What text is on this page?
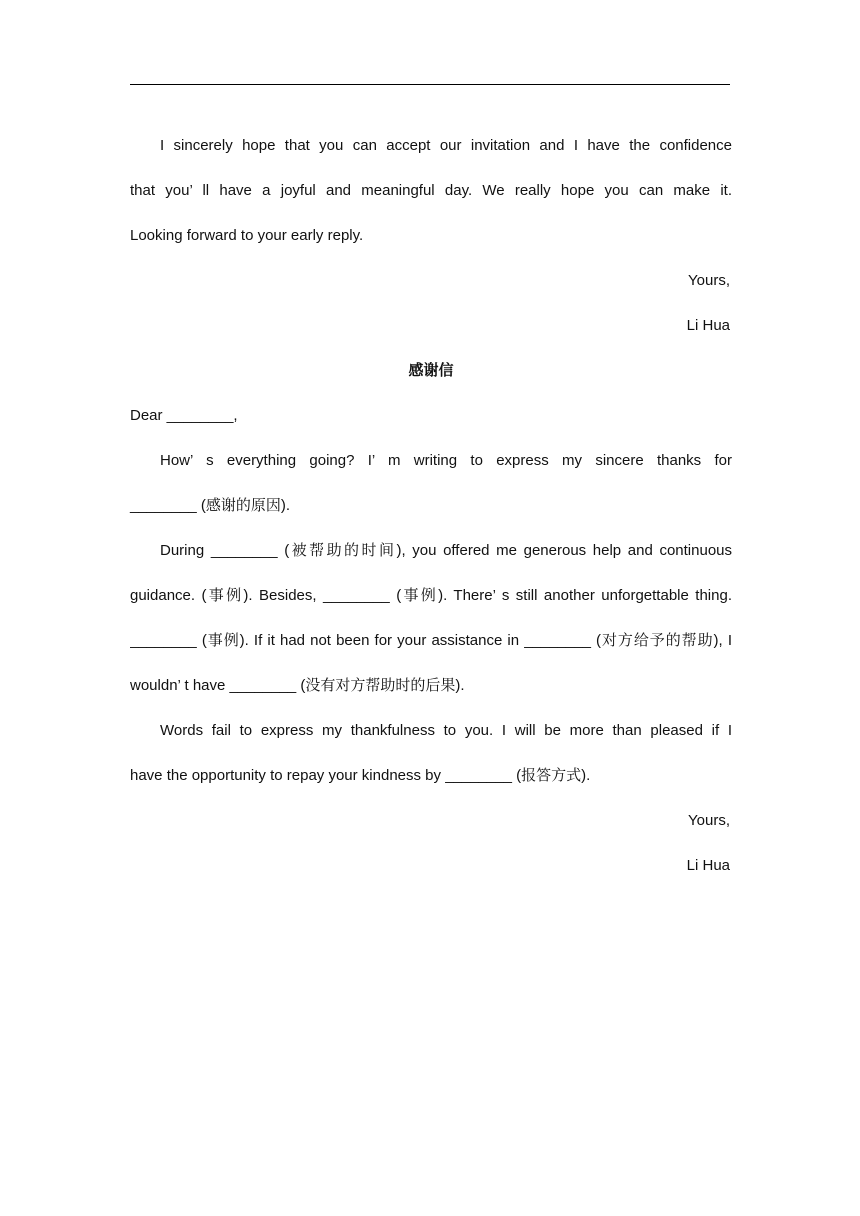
I sincerely hope that you can accept our invitation and I have the confidence
that you’ ll have a joyful and meaningful day. We really hope you can make it.
Looking forward to your early reply.
Yours,
Li Hua
感谢信
Dear ________,
How’ s everything going? I’ m writing to express my sincere thanks for
________ (感谢的原因).
During ________ (被帮助的时间), you offered me generous help and continuous
guidance. (事例). Besides, ________ (事例). There’ s still another unforgettable thing.
________ (事例). If it had not been for your assistance in ________ (对方给予的帮助), I
wouldn’ t have ________ (没有对方帮助时的后果).
Words fail to express my thankfulness to you. I will be more than pleased if I
have the opportunity to repay your kindness by ________ (报答方式).
Yours,
Li Hua
